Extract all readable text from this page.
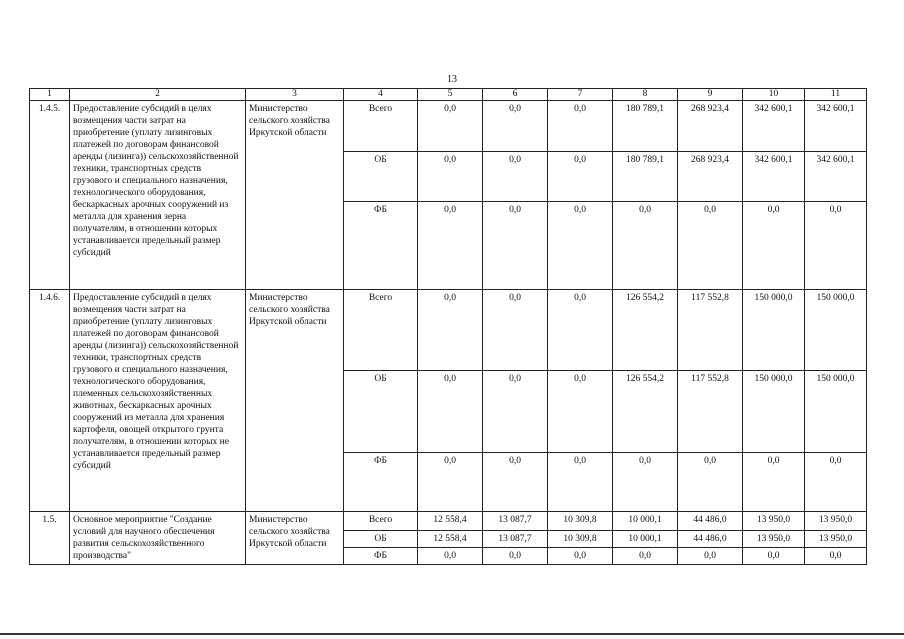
13
1	2	3	4	5	6	7	8	9	10	11
1.4.5.	Предоставление субсидий в целях возмещения части затрат на приобретение (уплату лизинговых платежей по договорам финансовой аренды (лизинга)) сельскохозяйственной техники, транспортных средств грузового и специального назначения, технологического оборудования, бескаркасных арочных сооружений из металла для хранения зерна получателям, в отношении которых устанавливается предельный размер субсидий	Министерство сельского хозяйства Иркутской области	Всего	0,0	0,0	0,0	180 789,1	268 923,4	342 600,1	342 600,1
			ОБ	0,0	0,0	0,0	180 789,1	268 923,4	342 600,1	342 600,1
			ФБ	0,0	0,0	0,0	0,0	0,0	0,0	0,0
1.4.6.	Предоставление субсидий в целях возмещения части затрат на приобретение (уплату лизинговых платежей по договорам финансовой аренды (лизинга)) сельскохозяйственной техники, транспортных средств грузового и специального назначения, технологического оборудования, племенных сельскохозяйственных животных, бескаркасных арочных сооружений из металла для хранения картофеля, овощей открытого грунта получателям, в отношении которых не устанавливается предельный размер субсидий	Министерство сельского хозяйства Иркутской области	Всего	0,0	0,0	0,0	126 554,2	117 552,8	150 000,0	150 000,0
			ОБ	0,0	0,0	0,0	126 554,2	117 552,8	150 000,0	150 000,0
			ФБ	0,0	0,0	0,0	0,0	0,0	0,0	0,0
1.5.	Основное мероприятие "Создание условий для научного обеспечения развития сельскохозяйственного производства"	Министерство сельского хозяйства Иркутской области	Всего	12 558,4	13 087,7	10 309,8	10 000,1	44 486,0	13 950,0	13 950,0
			ОБ	12 558,4	13 087,7	10 309,8	10 000,1	44 486,0	13 950,0	13 950,0
			ФБ	0,0	0,0	0,0	0,0	0,0	0,0	0,0
